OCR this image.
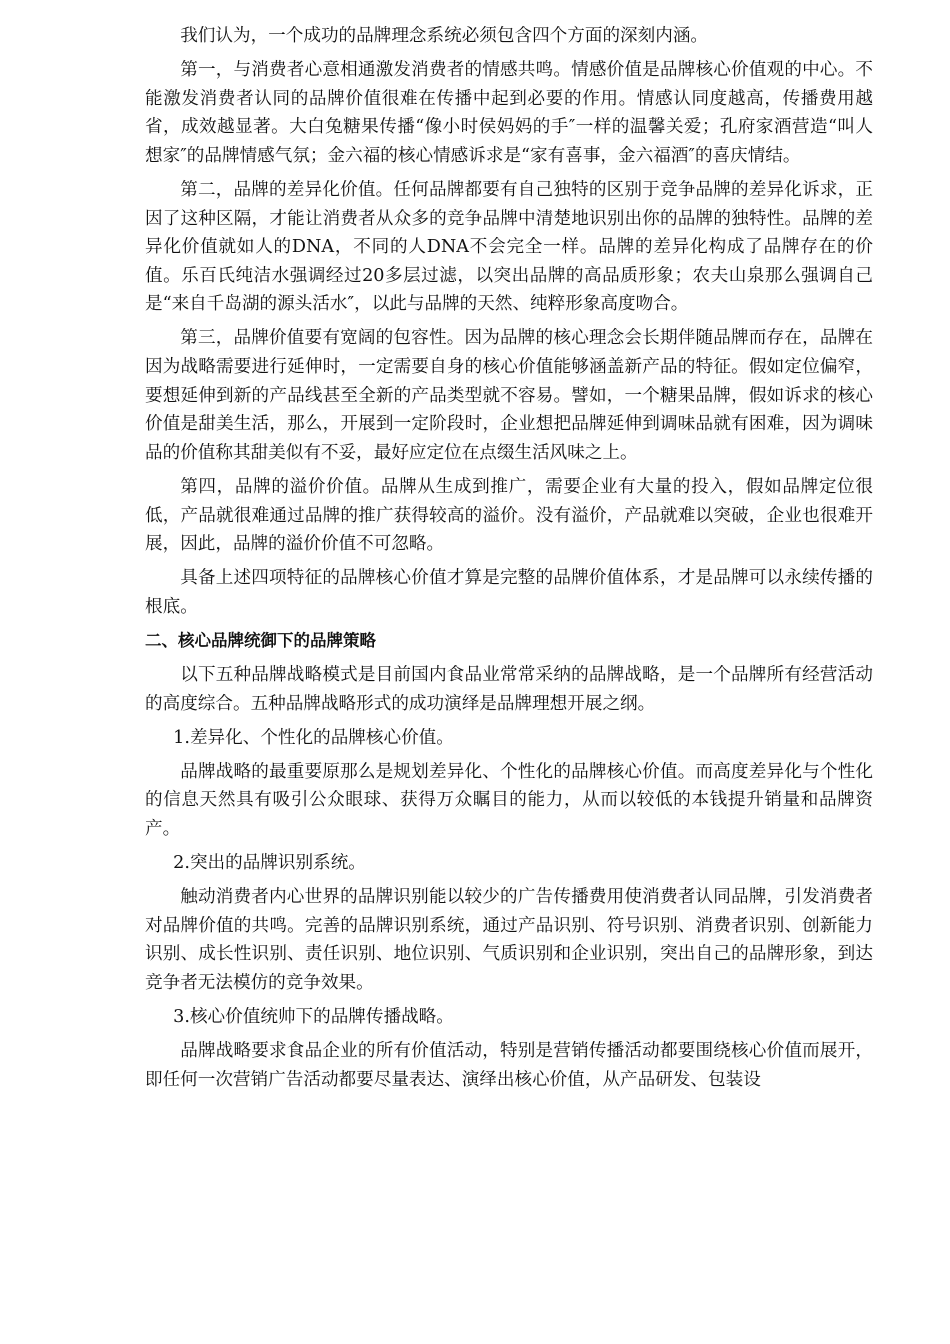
我们认为，一个成功的品牌理念系统必须包含四个方面的深刻内涵。

第一，与消费者心意相通激发消费者的情感共鸣。情感价值是品牌核心价值观的中心。不能激发消费者认同的品牌价值很难在传播中起到必要的作用。情感认同度越高，传播费用越省，成效越显著。大白兔糖果传播“像小时侯妈妈的手″一样的温馨关爱；孔府家酒营造“叫人想家″的品牌情感气氛；金六福的核心情感诉求是“家有喜事，金六福酒″的喜庆情结。

第二，品牌的差异化价值。任何品牌都要有自己独特的区别于竞争品牌的差异化诉求，正因了这种区隔，才能让消费者从众多的竞争品牌中清楚地识别出你的品牌的独特性。品牌的差异化价值就如人的DNA，不同的人DNA不会完全一样。品牌的差异化构成了品牌存在的价值。乐百氏纯洁水强调经过20多层过滤，以突出品牌的高品质形象；农夫山泉那么强调自己是“来自千岛湖的源头活水″，以此与品牌的天然、纯粹形象高度吻合。

第三，品牌价值要有宽阔的包容性。因为品牌的核心理念会长期伴随品牌而存在，品牌在因为战略需要进行延伸时，一定需要自身的核心价值能够涵盖新产品的特征。假如定位偏窄，要想延伸到新的产品线甚至全新的产品类型就不容易。譬如，一个糖果品牌，假如诉求的核心价值是甜美生活，那么，开展到一定阶段时，企业想把品牌延伸到调味品就有困难，因为调味品的价值称其甜美似有不妥，最好应定位在点缀生活风味之上。

第四，品牌的溢价价值。品牌从生成到推广，需要企业有大量的投入，假如品牌定位很低，产品就很难通过品牌的推广获得较高的溢价。没有溢价，产品就难以突破，企业也很难开展，因此，品牌的溢价价值不可忽略。

具备上述四项特征的品牌核心价值才算是完整的品牌价值体系，才是品牌可以永续传播的根底。

二、核心品牌统御下的品牌策略

以下五种品牌战略模式是目前国内食品业常常采纳的品牌战略，是一个品牌所有经营活动的高度综合。五种品牌战略形式的成功演绎是品牌理想开展之纲。

1.差异化、个性化的品牌核心价值。

品牌战略的最重要原那么是规划差异化、个性化的品牌核心价值。而高度差异化与个性化的信息天然具有吸引公众眼球、获得万众瞩目的能力，从而以较低的本钱提升销量和品牌资产。

2.突出的品牌识别系统。

触动消费者内心世界的品牌识别能以较少的广告传播费用使消费者认同品牌，引发消费者对品牌价值的共鸣。完善的品牌识别系统，通过产品识别、符号识别、消费者识别、创新能力识别、成长性识别、责任识别、地位识别、气质识别和企业识别，突出自己的品牌形象，到达竞争者无法模仿的竞争效果。

3.核心价值统帅下的品牌传播战略。

品牌战略要求食品企业的所有价值活动，特别是营销传播活动都要围绕核心价值而展开，即任何一次营销广告活动都要尽量表达、演绎出核心价值，从产品研发、包装设
